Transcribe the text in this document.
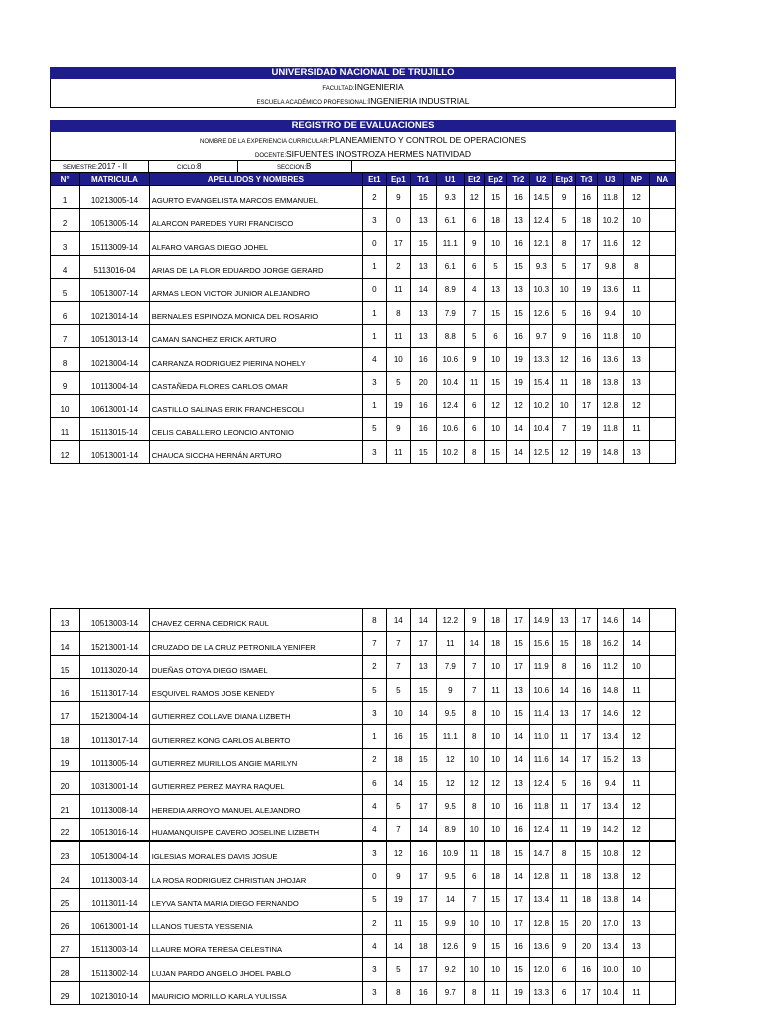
UNIVERSIDAD NACIONAL DE TRUJILLO
FACULTAD:INGENIERIA
ESCUELA ACADÉMICO PROFESIONAL:INGENIERIA INDUSTRIAL
REGISTRO DE EVALUACIONES
NOMBRE DE LA EXPERIENCIA CURRICULAR:PLANEAMIENTO Y CONTROL DE OPERACIONES
DOCENTE:SIFUENTES INOSTROZA HERMES NATIVIDAD
SEMESTRE:2017 - II	CICLO:8	SECCION:B
N°	MATRICULA	APELLIDOS Y NOMBRES	Et1	Ep1	Tr1	U1	Et2	Ep2	Tr2	U2	Etp3	Tr3	U3	NP	NA
1	10213005-14	AGURTO EVANGELISTA MARCOS EMMANUEL	2	9	15	9.3	12	15	16	14.5	9	16	11.8	12	
2	10513005-14	ALARCON PAREDES YURI FRANCISCO	3	0	13	6.1	6	18	13	12.4	5	18	10.2	10	
3	15113009-14	ALFARO VARGAS DIEGO JOHEL	0	17	15	11.1	9	10	16	12.1	8	17	11.6	12	
4	5113016-04	ARIAS DE LA FLOR EDUARDO JORGE GERARD	1	2	13	6.1	6	5	15	9.3	5	17	9.8	8	
5	10513007-14	ARMAS LEON VICTOR JUNIOR ALEJANDRO	0	11	14	8.9	4	13	13	10.3	10	19	13.6	11	
6	10213014-14	BERNALES ESPINOZA MONICA DEL ROSARIO	1	8	13	7.9	7	15	15	12.6	5	16	9.4	10	
7	10513013-14	CAMAN SANCHEZ ERICK ARTURO	1	11	13	8.8	5	6	16	9.7	9	16	11.8	10	
8	10213004-14	CARRANZA RODRIGUEZ PIERINA NOHELY	4	10	16	10.6	9	10	19	13.3	12	16	13.6	13	
9	10113004-14	CASTAÑEDA FLORES CARLOS OMAR	3	5	20	10.4	11	15	19	15.4	11	18	13.8	13	
10	10613001-14	CASTILLO SALINAS ERIK FRANCHESCOLI	1	19	16	12.4	6	12	12	10.2	10	17	12.8	12	
11	15113015-14	CELIS CABALLERO LEONCIO ANTONIO	5	9	16	10.6	6	10	14	10.4	7	19	11.8	11	
12	10513001-14	CHAUCA SICCHA HERNÁN ARTURO	3	11	15	10.2	8	15	14	12.5	12	19	14.8	13	
13	10513003-14	CHAVEZ CERNA CEDRICK RAUL	8	14	14	12.2	9	18	17	14.9	13	17	14.6	14	
14	15213001-14	CRUZADO DE LA CRUZ PETRONILA YENIFER	7	7	17	11	14	18	15	15.6	15	18	16.2	14	
15	10113020-14	DUEÑAS OTOYA DIEGO ISMAEL	2	7	13	7.9	7	10	17	11.9	8	16	11.2	10	
16	15113017-14	ESQUIVEL RAMOS JOSE KENEDY	5	5	15	9	7	11	13	10.6	14	16	14.8	11	
17	15213004-14	GUTIERREZ COLLAVE DIANA LIZBETH	3	10	14	9.5	8	10	15	11.4	13	17	14.6	12	
18	10113017-14	GUTIERREZ KONG CARLOS ALBERTO	1	16	15	11.1	8	10	14	11.0	11	17	13.4	12	
19	10113005-14	GUTIERREZ MURILLOS ANGIE MARILYN	2	18	15	12	10	10	14	11.6	14	17	15.2	13	
20	10313001-14	GUTIERREZ PEREZ MAYRA RAQUEL	6	14	15	12	12	12	13	12.4	5	16	9.4	11	
21	10113008-14	HEREDIA ARROYO MANUEL ALEJANDRO	4	5	17	9.5	8	10	16	11.8	11	17	13.4	12	
22	10513016-14	HUAMANQUISPE CAVERO JOSELINE LIZBETH	4	7	14	8.9	10	10	16	12.4	11	19	14.2	12	
23	10513004-14	IGLESIAS MORALES DAVIS JOSUE	3	12	16	10.9	11	18	15	14.7	8	15	10.8	12	
24	10113003-14	LA ROSA RODRIGUEZ CHRISTIAN JHOJAR	0	9	17	9.5	6	18	14	12.8	11	18	13.8	12	
25	10113011-14	LEYVA SANTA MARIA DIEGO FERNANDO	5	19	17	14	7	15	17	13.4	11	18	13.8	14	
26	10613001-14	LLANOS TUESTA YESSENIA	2	11	15	9.9	10	10	17	12.8	15	20	17.0	13	
27	15113003-14	LLAURE MORA TERESA CELESTINA	4	14	18	12.6	9	15	16	13.6	9	20	13.4	13	
28	15113002-14	LUJAN PARDO ANGELO JHOEL PABLO	3	5	17	9.2	10	10	15	12.0	6	16	10.0	10	
29	10213010-14	MAURICIO MORILLO KARLA YULISSA	3	8	16	9.7	8	11	19	13.3	6	17	10.4	11	
